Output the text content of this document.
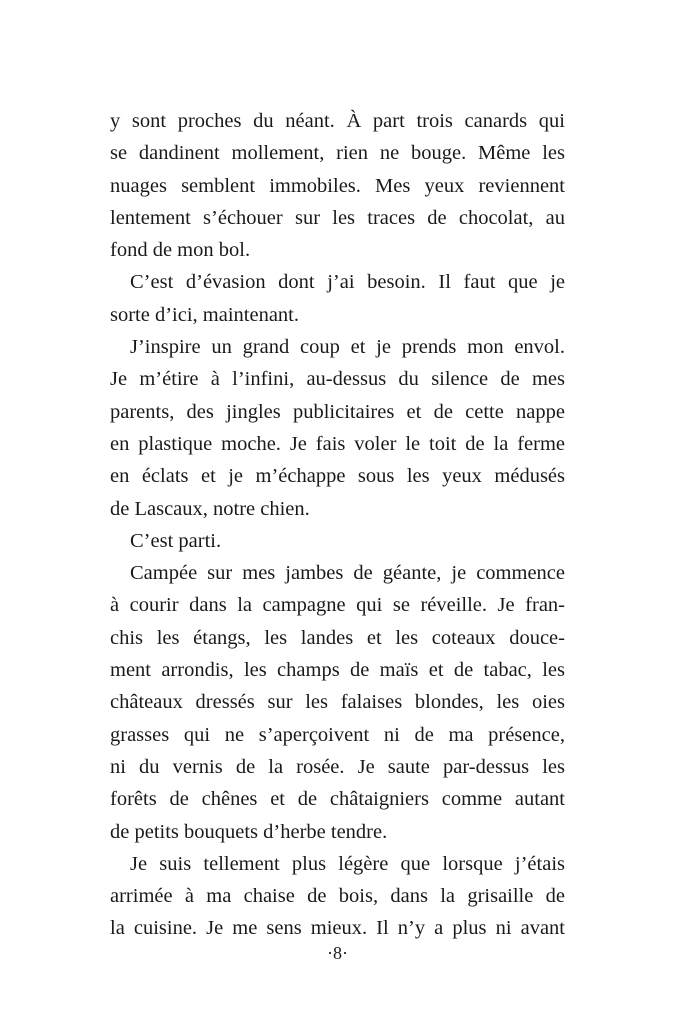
y sont proches du néant. À part trois canards qui
se dandinent mollement, rien ne bouge. Même les
nuages semblent immobiles. Mes yeux reviennent
lentement s’échouer sur les traces de chocolat, au
fond de mon bol.
C’est d’évasion dont j’ai besoin. Il faut que je
sorte d’ici, maintenant.
J’inspire un grand coup et je prends mon envol.
Je m’étire à l’infini, au-dessus du silence de mes
parents, des jingles publicitaires et de cette nappe
en plastique moche. Je fais voler le toit de la ferme
en éclats et je m’échappe sous les yeux médusés
de Lascaux, notre chien.
C’est parti.
Campée sur mes jambes de géante, je commence
à courir dans la campagne qui se réveille. Je fran-
chis les étangs, les landes et les coteaux douce-
ment arrondis, les champs de maïs et de tabac, les
châteaux dressés sur les falaises blondes, les oies
grasses qui ne s’aperçoivent ni de ma présence,
ni du vernis de la rosée. Je saute par-dessus les
forêts de chênes et de châtaigniers comme autant
de petits bouquets d’herbe tendre.
Je suis tellement plus légère que lorsque j’étais
arrimée à ma chaise de bois, dans la grisaille de
la cuisine. Je me sens mieux. Il n’y a plus ni avant
·8·
